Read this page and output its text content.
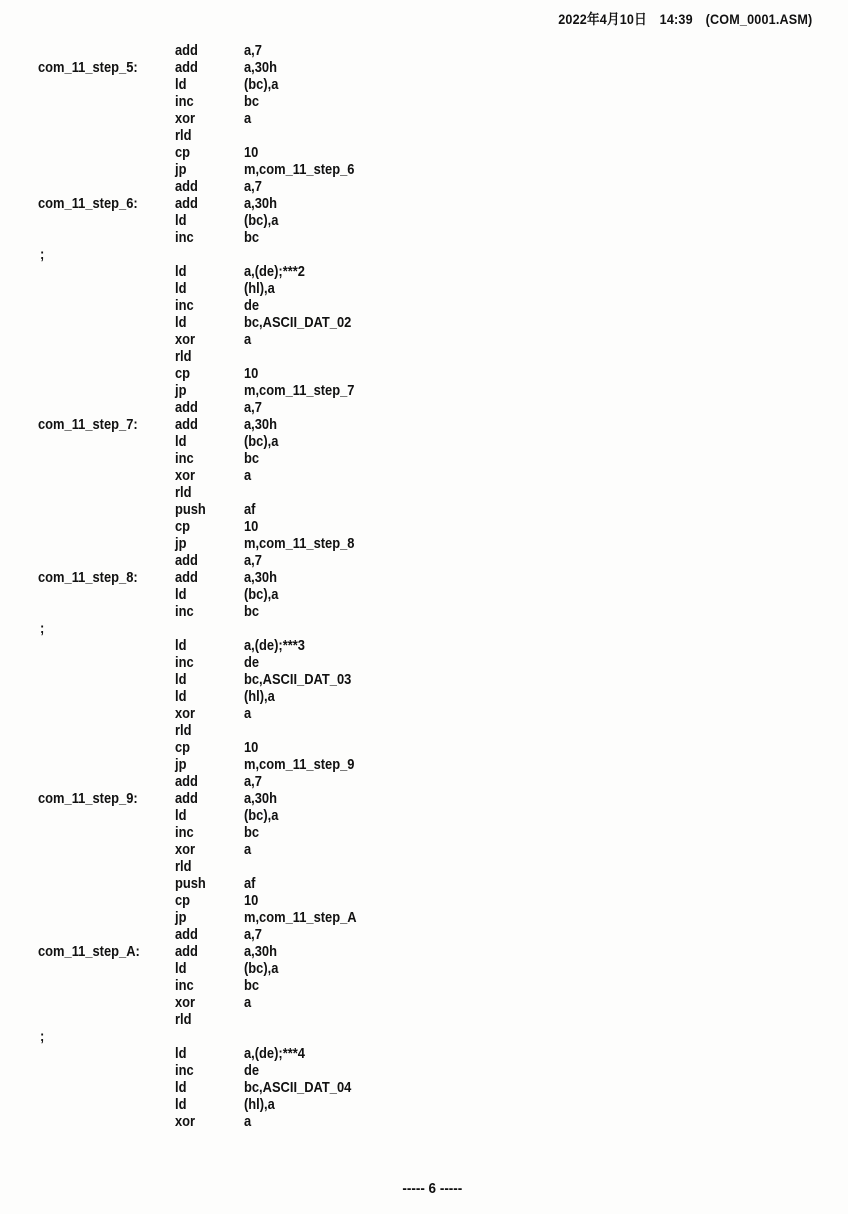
2022年4月10日　14:39　(COM_0001.ASM)
add	a,7
com_11_step_5: add	a,30h
ld	(bc),a
inc	bc
xor	a
rld
cp	10
jp	m,com_11_step_6
add	a,7
com_11_step_6: add	a,30h
ld	(bc),a
inc	bc
;
ld	a,(de);***2
ld	(hl),a
inc	de
ld	bc,ASCII_DAT_02
xor	a
rld
cp	10
jp	m,com_11_step_7
add	a,7
com_11_step_7: add	a,30h
ld	(bc),a
inc	bc
xor	a
rld
push	af
cp	10
jp	m,com_11_step_8
add	a,7
com_11_step_8: add	a,30h
ld	(bc),a
inc	bc
;
ld	a,(de);***3
inc	de
ld	bc,ASCII_DAT_03
ld	(hl),a
xor	a
rld
cp	10
jp	m,com_11_step_9
add	a,7
com_11_step_9: add	a,30h
ld	(bc),a
inc	bc
xor	a
rld
push	af
cp	10
jp	m,com_11_step_A
add	a,7
com_11_step_A: add	a,30h
ld	(bc),a
inc	bc
xor	a
rld
;
ld	a,(de);***4
inc	de
ld	bc,ASCII_DAT_04
ld	(hl),a
xor	a

----- 6 -----
